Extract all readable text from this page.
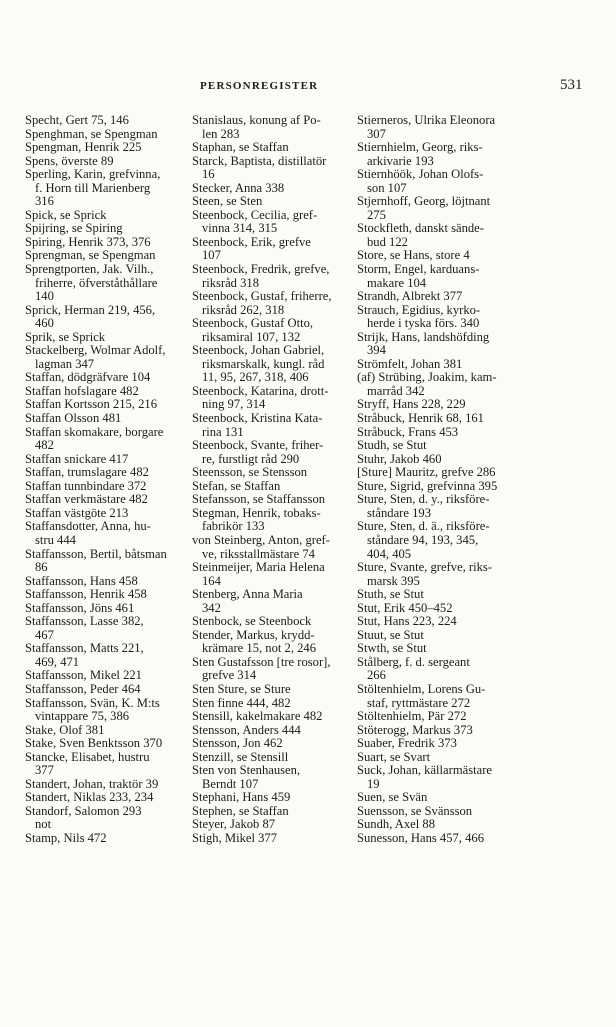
PERSONREGISTER	531
Specht, Gert 75, 146
Spenghman, se Spengman
Spengman, Henrik 225
Spens, överste 89
Sperling, Karin, grefvinna,
f. Horn till Marienberg
316
Spick, se Sprick
Spijring, se Spiring
Spiring, Henrik 373, 376
Sprengman, se Spengman
Sprengtporten, Jak. Vilh.,
friherre, öfverståthållare
140
Sprick, Herman 219, 456,
460
Sprik, se Sprick
Stackelberg, Wolmar Adolf,
lagman 347
Staffan, dödgräfvare 104
Staffan hofslagare 482
Staffan Kortsson 215, 216
Staffan Olsson 481
Staffan skomakare, borgare
482
Staffan snickare 417
Staffan, trumslagare 482
Staffan tunnbindare 372
Staffan verkmästare 482
Staffan västgöte 213
Staffansdotter, Anna, hu-
stru 444
Staffansson, Bertil, båtsman
86
Staffansson, Hans 458
Staffansson, Henrik 458
Staffansson, Jöns 461
Staffansson, Lasse 382,
467
Staffansson, Matts 221,
469, 471
Staffansson, Mikel 221
Staffansson, Peder 464
Staffansson, Svän, K. M:ts
vintappare 75, 386
Stake, Olof 381
Stake, Sven Benktsson 370
Stancke, Elisabet, hustru
377
Standert, Johan, traktör 39
Standert, Niklas 233, 234
Standorf, Salomon 293
not
Stamp, Nils 472
Stanislaus, konung af Po-
len 283
Staphan, se Staffan
Starck, Baptista, distillatör
16
Stecker, Anna 338
Steen, se Sten
Steenbock, Cecilia, gref-
vinna 314, 315
Steenbock, Erik, grefve
107
Steenbock, Fredrik, grefve,
riksråd 318
Steenbock, Gustaf, friherre,
riksråd 262, 318
Steenbock, Gustaf Otto,
riksamiral 107, 132
Steenbock, Johan Gabriel,
riksmarskalk, kungl. råd
11, 95, 267, 318, 406
Steenbock, Katarina, drott-
ning 97, 314
Steenbock, Kristina Kata-
rina 131
Steenbock, Svante, friher-
re, furstligt råd 290
Steensson, se Stensson
Stefan, se Staffan
Stefansson, se Staffansson
Stegman, Henrik, tobaks-
fabrikör 133
von Steinberg, Anton, gref-
ve, riksstallmästare 74
Steinmeijer, Maria Helena
164
Stenberg, Anna Maria
342
Stenbock, se Steenbock
Stender, Markus, krydd-
krämare 15, not 2, 246
Sten Gustafsson [tre rosor],
grefve 314
Sten Sture, se Sture
Sten finne 444, 482
Stensill, kakelmakare 482
Stensson, Anders 444
Stensson, Jon 462
Stenzill, se Stensill
Sten von Stenhausen,
Berndt 107
Stephani, Hans 459
Stephen, se Staffan
Steyer, Jakob 87
Stigh, Mikel 377
Stierneros, Ulrika Eleonora
307
Stiernhielm, Georg, riks-
arkivarie 193
Stiernhöök, Johan Olofs-
son 107
Stjernhoff, Georg, löjtnant
275
Stockfleth, danskt sände-
bud 122
Store, se Hans, store 4
Storm, Engel, karduans-
makare 104
Strandh, Albrekt 377
Strauch, Egidius, kyrko-
herde i tyska förs. 340
Strijk, Hans, landshöfding
394
Strömfelt, Johan 381
(af) Strübing, Joakim, kam-
marråd 342
Stryff, Hans 228, 229
Stråbuck, Henrik 68, 161
Stråbuck, Frans 453
Studh, se Stut
Stuhr, Jakob 460
[Sture] Mauritz, grefve 286
Sture, Sigrid, grefvinna 395
Sture, Sten, d. y., riksföre-
ståndare 193
Sture, Sten, d. ä., riksföre-
ståndare 94, 193, 345,
404, 405
Sture, Svante, grefve, riks-
marsk 395
Stuth, se Stut
Stut, Erik 450–452
Stut, Hans 223, 224
Stuut, se Stut
Stwth, se Stut
Stålberg, f. d. sergeant
266
Stöltenhielm, Lorens Gu-
staf, ryttmästare 272
Stöltenhielm, Pär 272
Stöterogg, Markus 373
Suaber, Fredrik 373
Suart, se Svart
Suck, Johan, källarmästare
19
Suen, se Svän
Suensson, se Svänsson
Sundh, Axel 88
Sunesson, Hans 457, 466
